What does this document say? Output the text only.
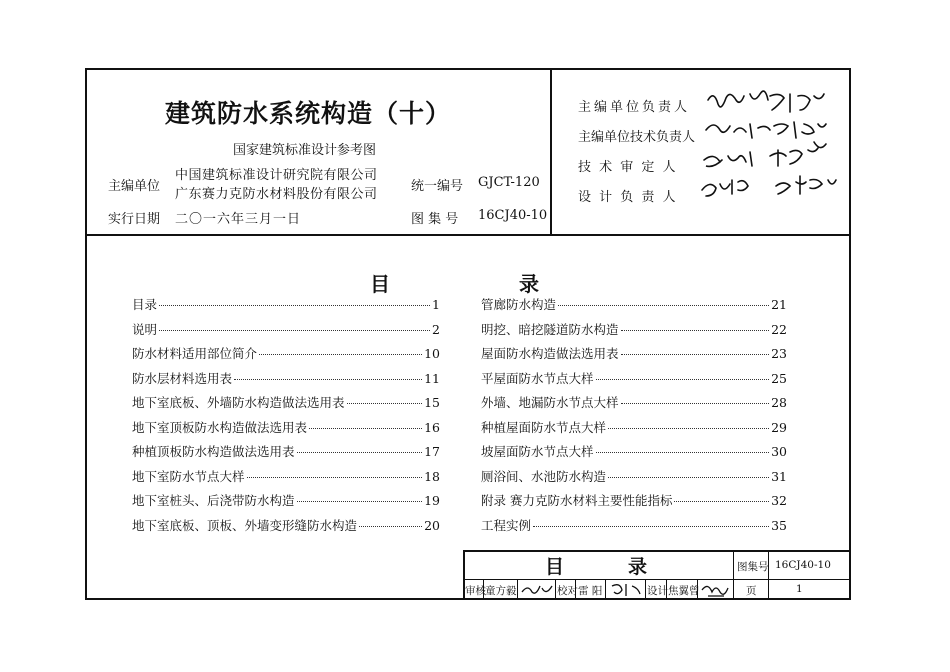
建筑防水系统构造（十）
国家建筑标准设计参考图
主编单位
中国建筑标准设计研究院有限公司
广东赛力克防水材料股份有限公司
统一编号 GJCT-120
实行日期 二〇一六年三月一日	图 集 号 16CJ40-10
主编单位负责人
主编单位技术负责人
技 术 审 定 人
设 计 负 责 人
目	录
目录	1
说明	2
防水材料适用部位简介	10
防水层材料选用表	11
地下室底板、外墙防水构造做法选用表	15
地下室顶板防水构造做法选用表	16
种植顶板防水构造做法选用表	17
地下室防水节点大样	18
地下室桩头、后浇带防水构造	19
地下室底板、顶板、外墙变形缝防水构造	20
管廊防水构造	21
明挖、暗挖隧道防水构造	22
屋面防水构造做法选用表	23
平屋面防水节点大样	25
外墙、地漏防水节点大样	28
种植屋面防水节点大样	29
坡屋面防水节点大样	30
厕浴间、水池防水构造	31
附录 赛力克防水材料主要性能指标	32
工程实例	35
目	录	图集号 16CJ40-10
审核 童方毅	校对 雷 阳	设计 焦翼曾	页	1
